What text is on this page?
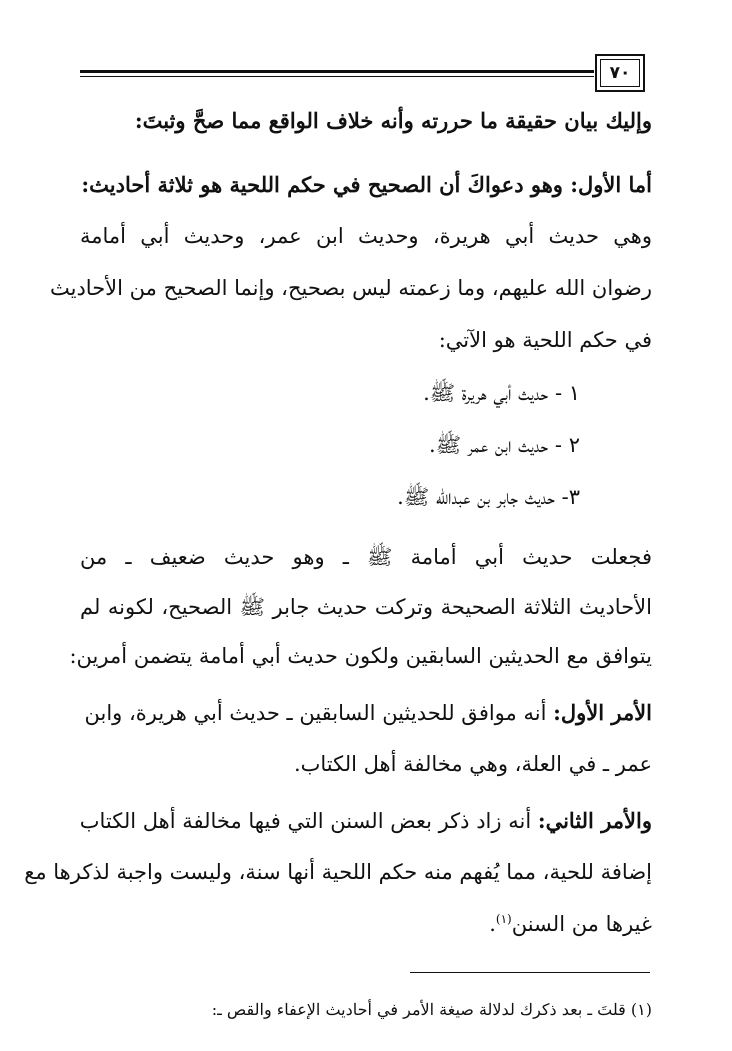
٧٠
وإليك بيان حقيقة ما حررته وأنه خلاف الواقع مما صحَّ وثبتَ:
أما الأول: وهو دعواكَ أن الصحيح في حكم اللحية هو ثلاثة أحاديث:
وهي حديث أبي هريرة، وحديث ابن عمر، وحديث أبي أمامة
رضوان الله عليهم، وما زعمته ليس بصحيح، وإنما الصحيح من الأحاديث
في حكم اللحية هو الآتي:
١ - حديث أبي هريرة ﷺ.
٢ - حديث ابن عمر ﷺ.
٣- حديث جابر بن عبدالله ﷺ.
فجعلت حديث أبي أمامة ﷺ ـ وهو حديث ضعيف ـ من
الأحاديث الثلاثة الصحيحة وتركت حديث جابر ﷺ الصحيح، لكونه لم
يتوافق مع الحديثين السابقين ولكون حديث أبي أمامة يتضمن أمرين:
الأمر الأول: أنه موافق للحديثين السابقين ـ حديث أبي هريرة، وابن
عمر ـ في العلة، وهي مخالفة أهل الكتاب.
والأمر الثاني: أنه زاد ذكر بعض السنن التي فيها مخالفة أهل الكتاب
إضافة للحية، مما يُفهم منه حكم اللحية أنها سنة، وليست واجبة لذكرها مع
غيرها من السنن$^{(١)}$.
(١) قلتَ ـ بعد ذكرك لدلالة صيغة الأمر في أحاديث الإعفاء والقص ـ:
